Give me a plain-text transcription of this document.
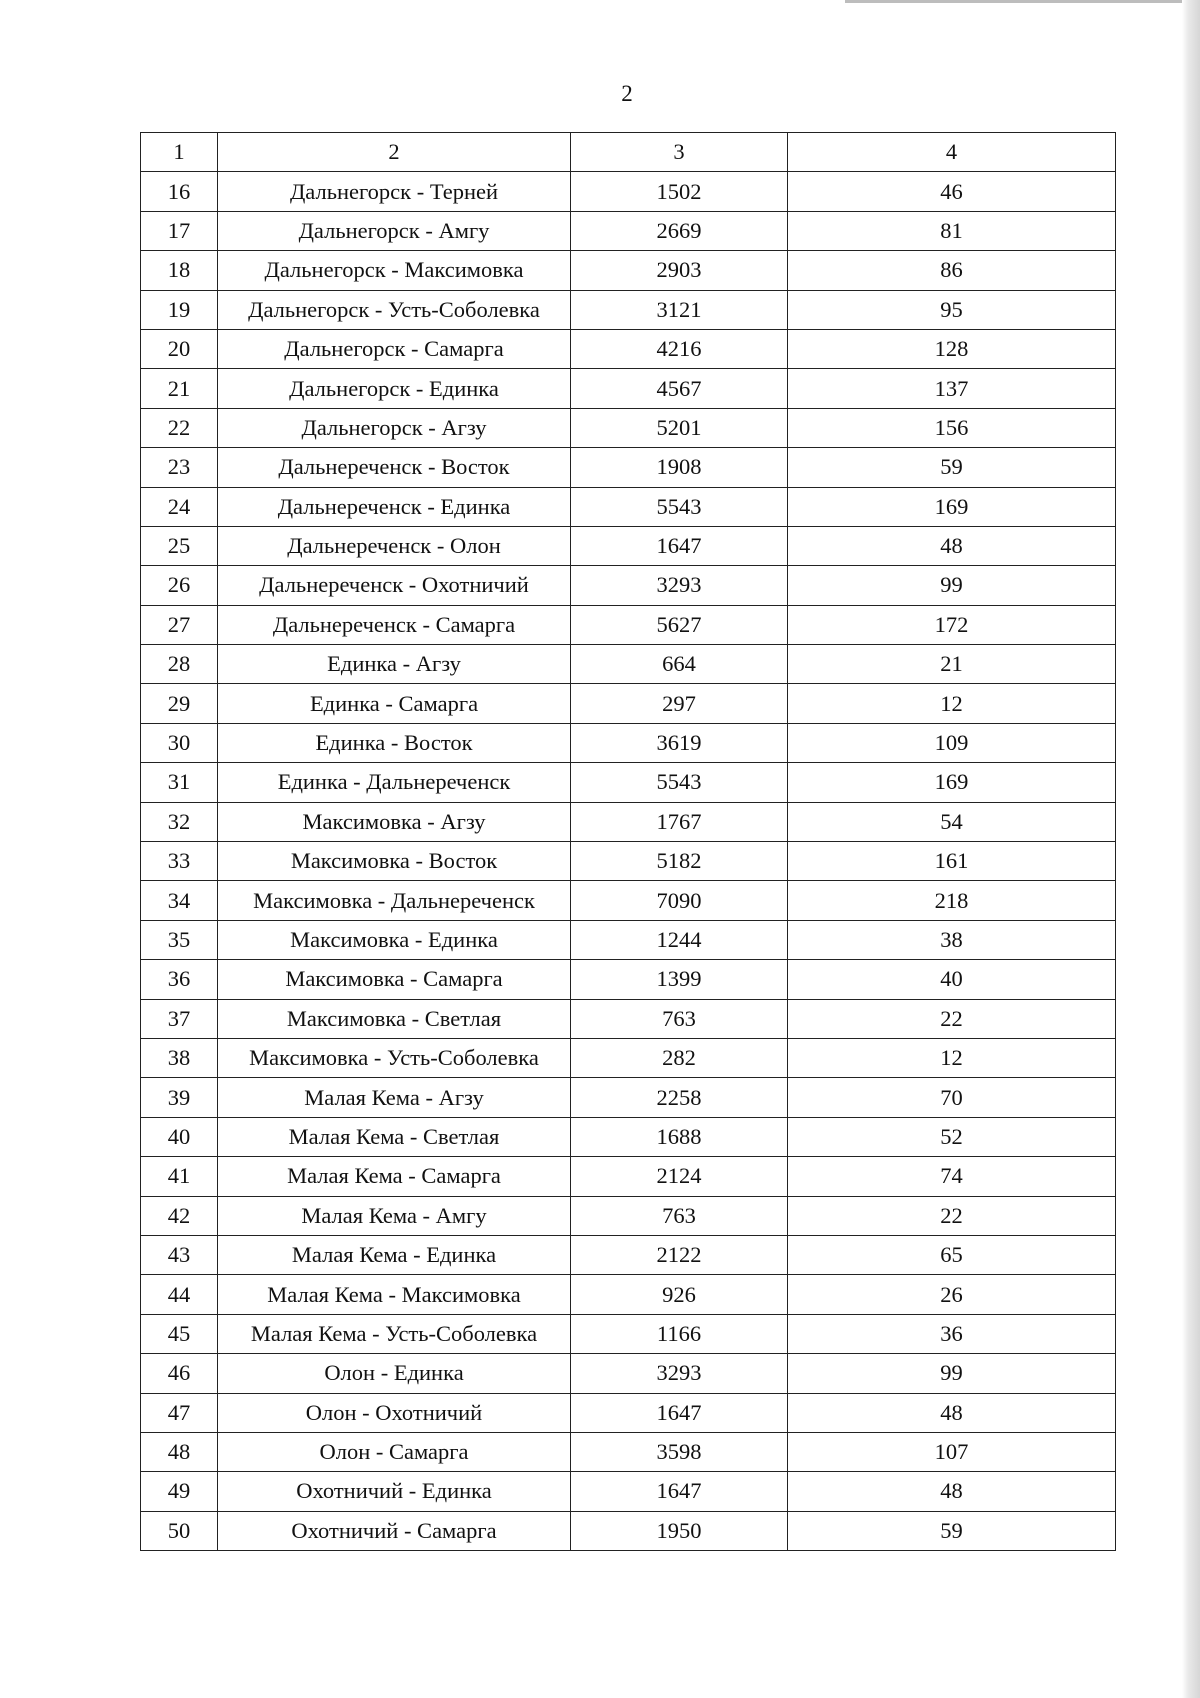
2
1	2	3	4
16	Дальнегорск - Терней	1502	46
17	Дальнегорск - Амгу	2669	81
18	Дальнегорск - Максимовка	2903	86
19	Дальнегорск - Усть-Соболевка	3121	95
20	Дальнегорск - Самарга	4216	128
21	Дальнегорск - Единка	4567	137
22	Дальнегорск - Агзу	5201	156
23	Дальнереченск - Восток	1908	59
24	Дальнереченск - Единка	5543	169
25	Дальнереченск - Олон	1647	48
26	Дальнереченск - Охотничий	3293	99
27	Дальнереченск - Самарга	5627	172
28	Единка - Агзу	664	21
29	Единка - Самарга	297	12
30	Единка - Восток	3619	109
31	Единка - Дальнереченск	5543	169
32	Максимовка - Агзу	1767	54
33	Максимовка - Восток	5182	161
34	Максимовка - Дальнереченск	7090	218
35	Максимовка - Единка	1244	38
36	Максимовка - Самарга	1399	40
37	Максимовка - Светлая	763	22
38	Максимовка - Усть-Соболевка	282	12
39	Малая Кема - Агзу	2258	70
40	Малая Кема - Светлая	1688	52
41	Малая Кема - Самарга	2124	74
42	Малая Кема - Амгу	763	22
43	Малая Кема - Единка	2122	65
44	Малая Кема - Максимовка	926	26
45	Малая Кема - Усть-Соболевка	1166	36
46	Олон - Единка	3293	99
47	Олон - Охотничий	1647	48
48	Олон - Самарга	3598	107
49	Охотничий - Единка	1647	48
50	Охотничий - Самарга	1950	59
